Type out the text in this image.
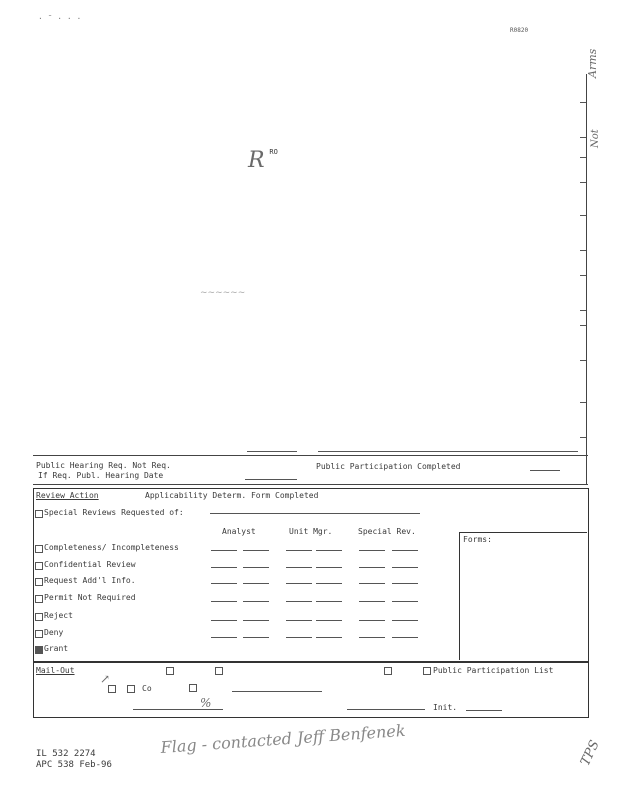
· ˉ · · ·
R0820
Arms
Not
R RO
~~~~~~
Public Hearing Req. Not Req.
If Req. Publ. Hearing Date
Public Participation Completed
Review Action	Applicability Determ. Form Completed
Special Reviews Requested of:
Analyst	Unit Mgr.	Special Rev.
Forms:
Completeness/ Incompleteness
Confidential Review
Request Add'l Info.
Permit Not Required
Reject
Deny
Grant
Mail-Out	Public Participation List
↗
Co
%	Init.
IL 532 2274
APC 538 Feb-96
Flag - contacted Jeff Benfenek	TPS
